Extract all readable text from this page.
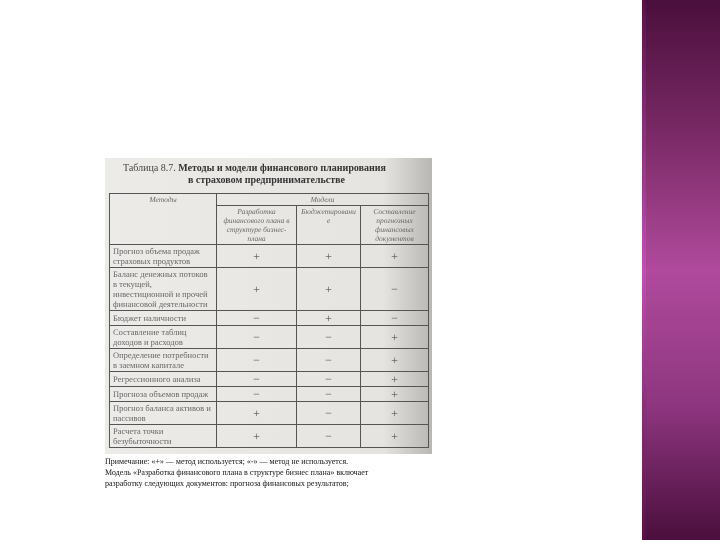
Таблица 8.7. Методы и модели финансового планирования
в страховом предпринимательстве
Методы	Модели		
	Разработка финансового плана в структуре бизнес-плана	Бюджетирование	Составление прогнозных финансовых документов
Прогноз объема продаж страховых продуктов	+	+	+
Баланс денежных потоков в текущей, инвестиционной и прочей финансовой деятельности	+	+	−
Бюджет наличности	−	+	−
Составление таблиц доходов и расходов	−	−	+
Определение потребности в заемном капитале	−	−	+
Регрессионного анализа	−	−	+
Прогноза объемов продаж	−	−	+
Прогноз баланса активов и пассивов	+	−	+
Расчета точки безубыточности	+	−	+
Примечание: «+» — метод используется; «-» — метод не используется.
Модель «Разработка финансового плана в структуре бизнес плана» включает
разработку следующих документов: прогноза финансовых результатов;
